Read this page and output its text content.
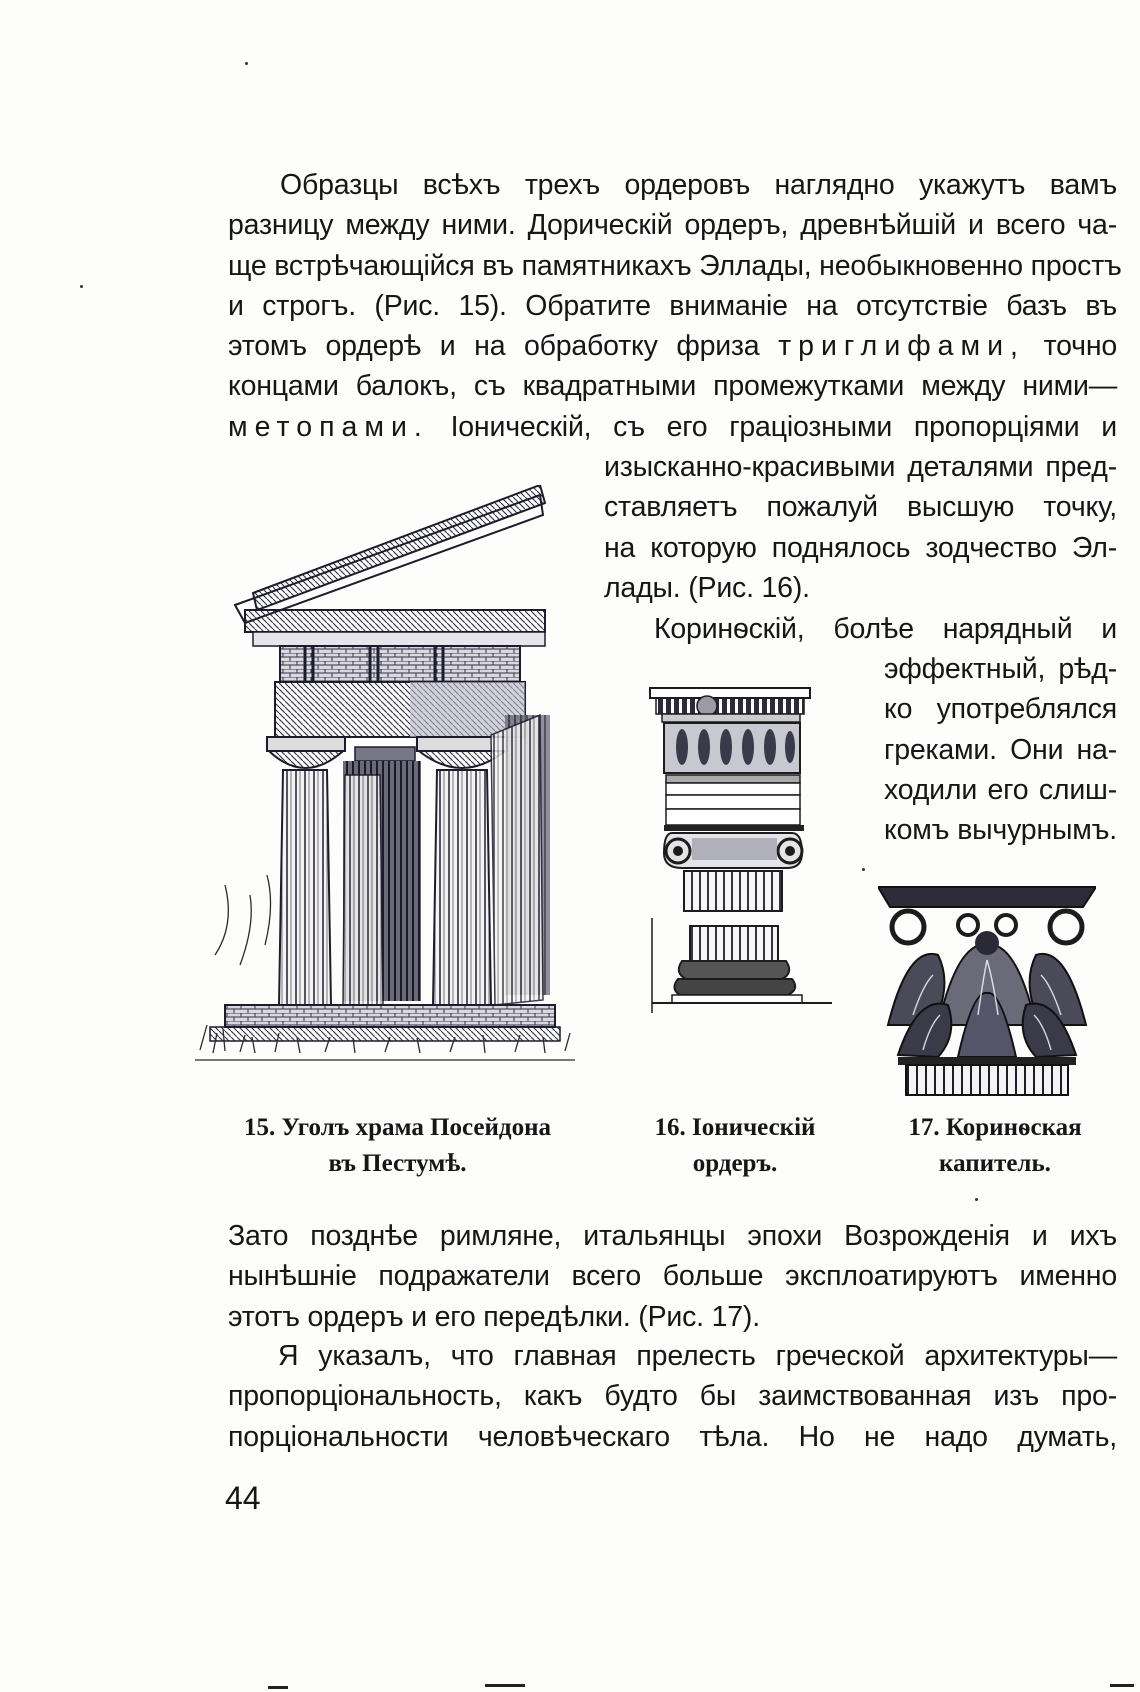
Образцы всѣхъ трехъ ордеровъ наглядно укажутъ вамъ
разницу между ними. Дорическій ордеръ, древнѣйшій и всего ча-
ще встрѣчающійся въ памятникахъ Эллады, необыкновенно простъ
и строгъ. (Рис. 15). Обратите вниманіе на отсутствіе базъ въ
этомъ ордерѣ и на обработку фриза триглифами, точно
концами балокъ, съ квадратными промежутками между ними—
метопами. Іоническій, съ его граціозными пропорціями и
изысканно-красивыми деталями пред-
ставляетъ пожалуй высшую точку,
на которую поднялось зодчество Эл-
лады. (Рис. 16).
Коринѳскій, болѣе нарядный и
эффектный, рѣд-
ко употреблялся
греками. Они на-
ходили его слиш-
комъ вычурнымъ.
15. Уголъ храма Посейдона
въ Пестумѣ.
16. Іоническій
ордеръ.
17. Коринѳская
капитель.
Зато позднѣе римляне, итальянцы эпохи Возрожденія и ихъ
нынѣшніе подражатели всего больше эксплоатируютъ именно
этотъ ордеръ и его передѣлки. (Рис. 17).
Я указалъ, что главная прелесть греческой архитектуры—
пропорціональность, какъ будто бы заимствованная изъ про-
порціональности человѣческаго тѣла. Но не надо думать,
44
